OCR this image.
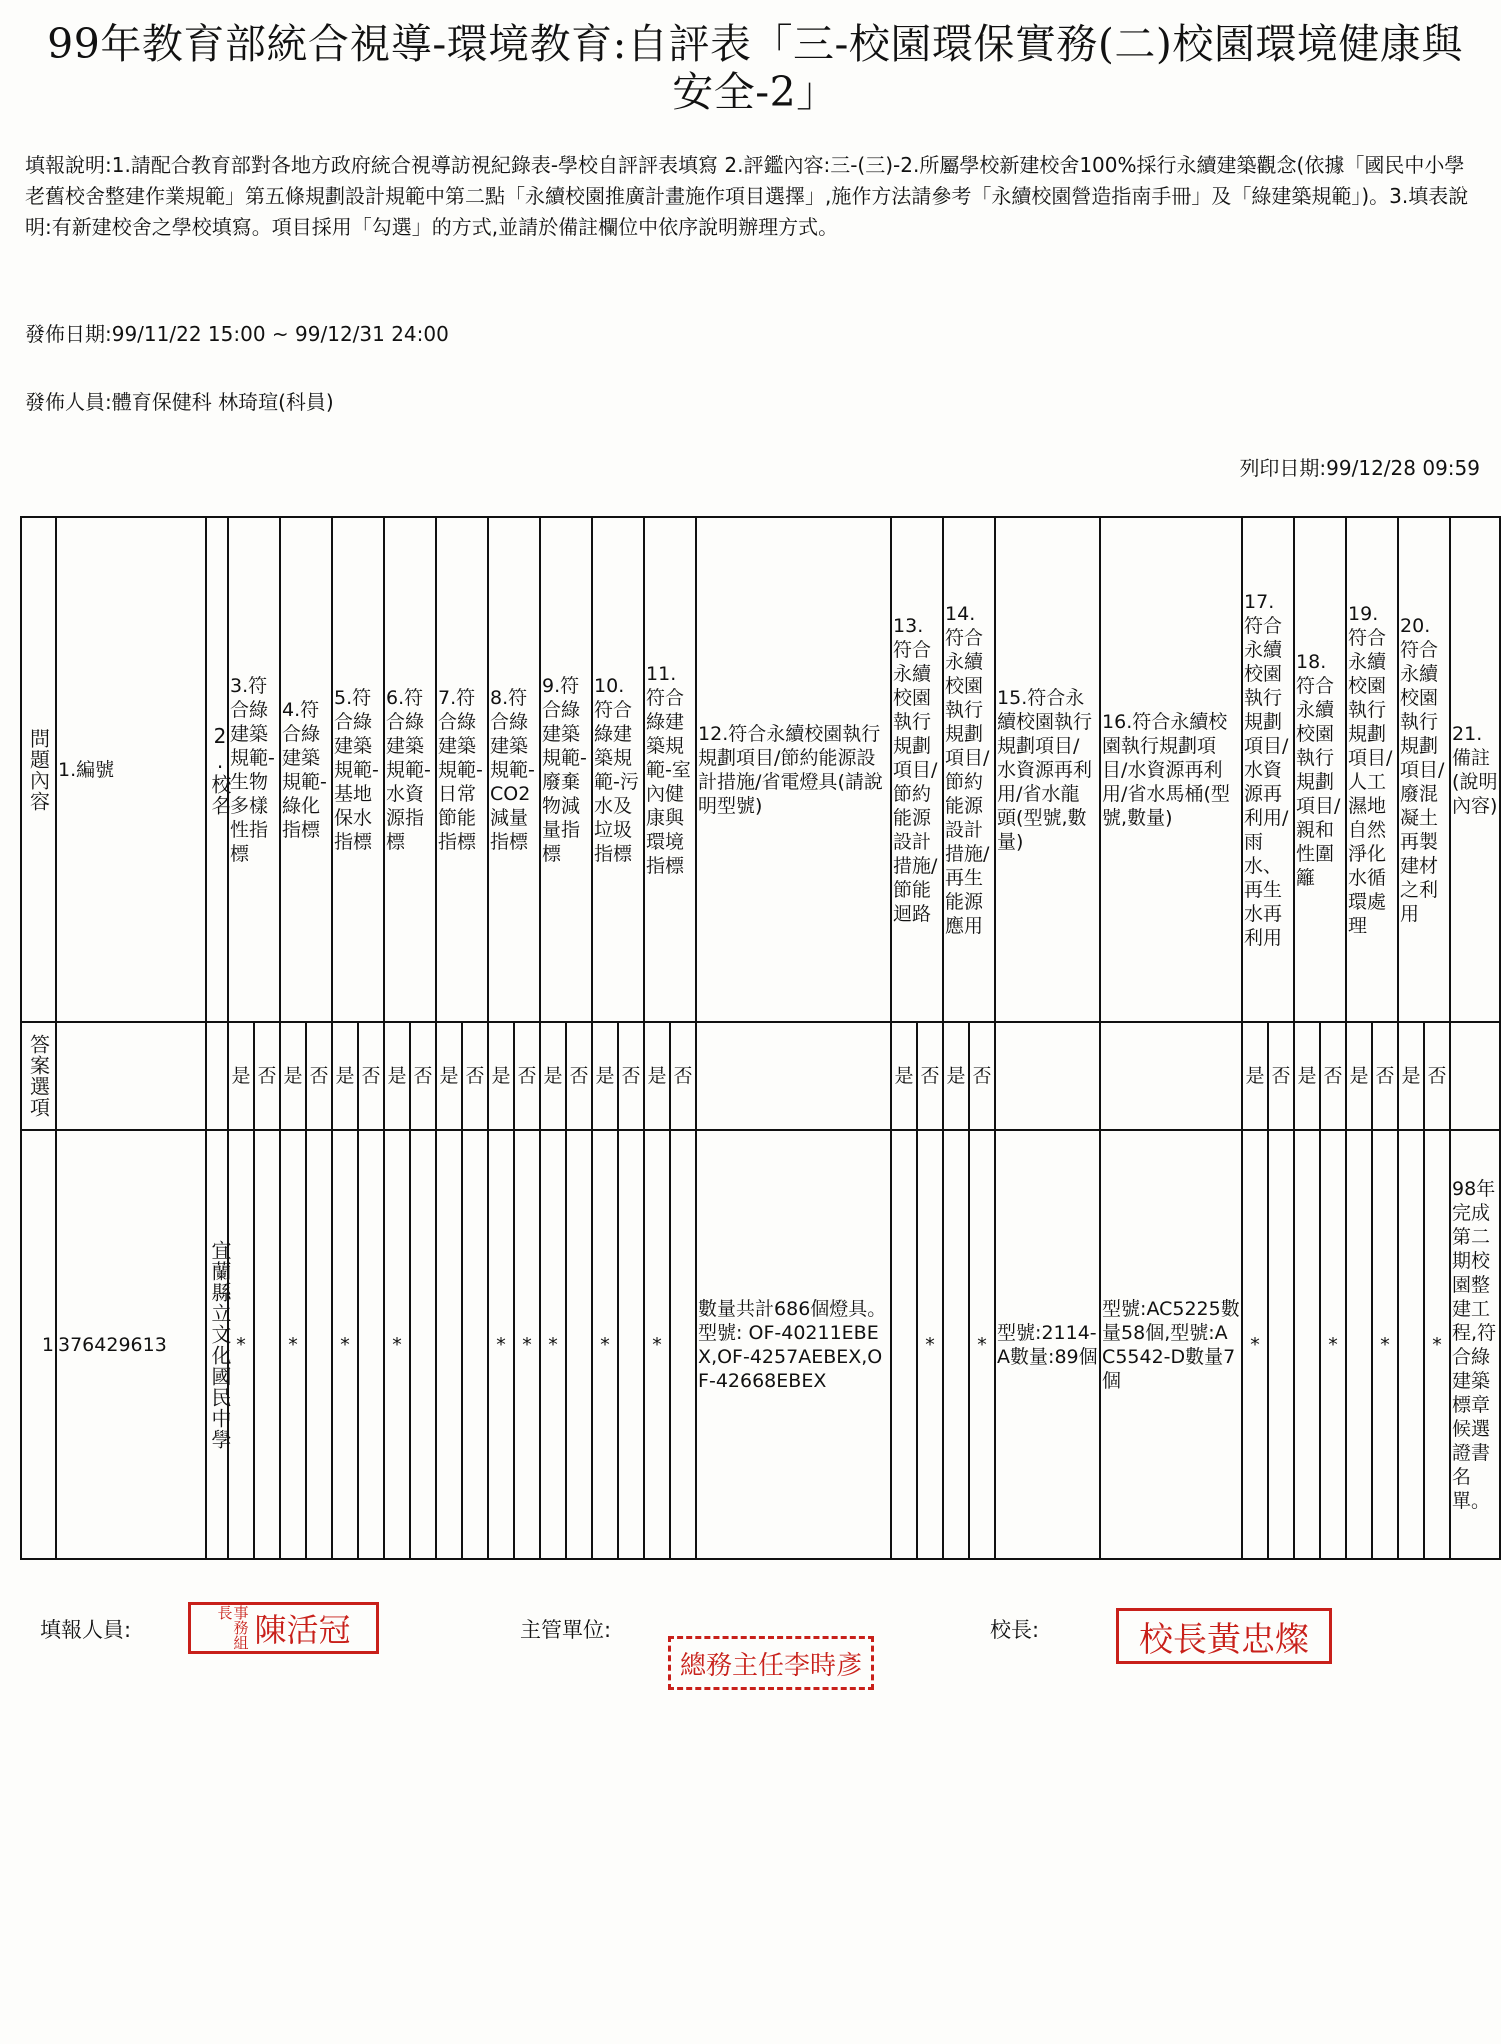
99年教育部統合視導-環境教育:自評表「三-校園環保實務(二)校園環境健康與安全-2」
填報說明:1.請配合教育部對各地方政府統合視導訪視紀錄表-學校自評評表填寫 2.評鑑內容:三-(三)-2.所屬學校新建校舍100%採行永續建築觀念(依據「國民中小學老舊校舍整建作業規範」第五條規劃設計規範中第二點「永續校園推廣計畫施作項目選擇」,施作方法請參考「永續校園營造指南手冊」及「綠建築規範」)。3.填表說明:有新建校舍之學校填寫。項目採用「勾選」的方式,並請於備註欄位中依序說明辦理方式。
發佈日期:99/11/22 15:00 ~ 99/12/31 24:00
發佈人員:體育保健科 林琦瑄(科員)
列印日期:99/12/28 09:59
問題內容	1.編號	2.校名	3.符合綠建築規範-生物多樣性指標		4.符合綠建築規範-綠化指標		5.符合綠建築規範-基地保水指標		6.符合綠建築規範-水資源指標		7.符合綠建築規範-日常節能指標		8.符合綠建築規範-CO2減量指標		9.符合綠建築規範-廢棄物減量指標		10.符合綠建築規範-污水及垃圾指標		11.符合綠建築規範-室內健康與環境指標		12.符合永續校園執行規劃項目/節約能源設計措施/省電燈具(請說明型號)	13.符合永續校園執行規劃項目/節約能源設計措施/節能迴路		14.符合永續校園執行規劃項目/節約能源設計措施/再生能源應用		15.符合永續校園執行規劃項目/水資源再利用/省水龍頭(型號,數量)	16.符合永續校園執行規劃項目/水資源再利用/省水馬桶(型號,數量)	17.符合永續校園執行規劃項目/水資源再利用/雨水、再生水再利用		18.符合永續校園執行規劃項目/親和性圍籬		19.符合永續校園執行規劃項目/人工濕地自然淨化水循環處理		20.符合永續校園執行規劃項目/廢混凝土再製建材之利用		21.備註(說明內容)

答案選項			是	否	是	否	是	否	是	否	是	否	是	否	是	否	是	否	是	否		是	否	是	否			是	否	是	否	是	否	是	否	
1	376429613	宜蘭縣立文化國民中學	*		*		*		*				*	*	*		*		*		數量共計686個燈具。型號: OF-40211EBEX,OF-4257AEBEX,OF-42668EBEX		*		*	型號:2114-A數量:89個	型號:AC5225數量58個,型號:AC5542-D數量7個	*			*		*		*	98年完成第二期校園整建工程,符合綠建築標章候選證書名單。
填報人員:	事務組長 陳活冠	主管單位:
總務主任李時彥
校長:	校長黃忠燦
